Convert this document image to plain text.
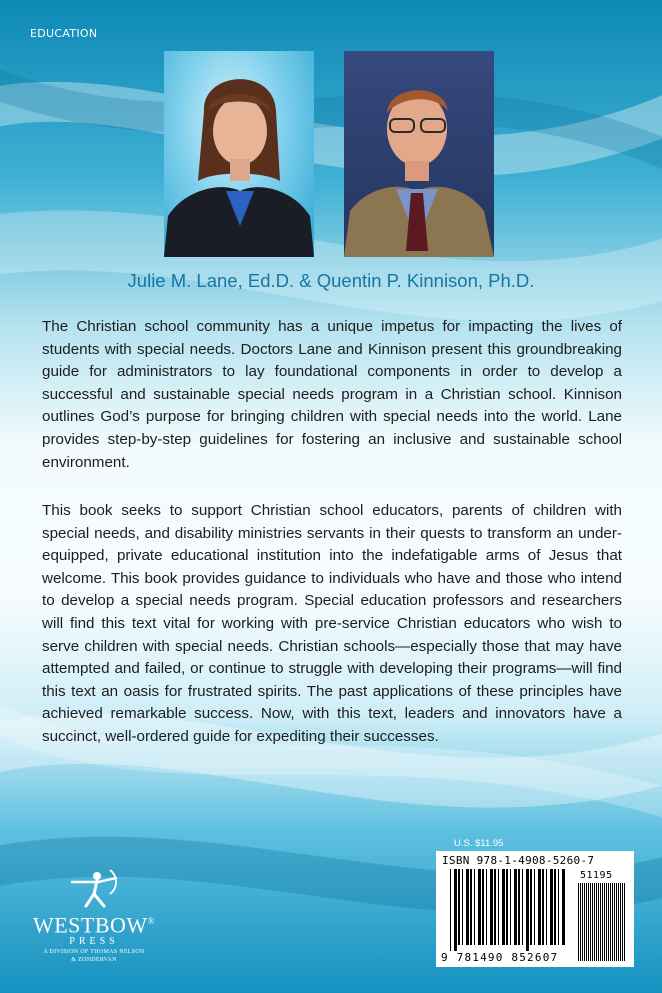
EDUCATION
Julie M. Lane, Ed.D. & Quentin P. Kinnison, Ph.D.

The Christian school community has a unique impetus for impacting the lives of students with special needs. Doctors Lane and Kinnison present this groundbreaking guide for administrators to lay foundational components in order to develop a successful and sustainable special needs program in a Christian school. Kinnison outlines God’s purpose for bringing children with special needs into the world. Lane provides step-by-step guidelines for fostering an inclusive and sustainable school environment.

This book seeks to support Christian school educators, parents of children with special needs, and disability ministries servants in their quests to transform an under-equipped, private educational institution into the indefatigable arms of Jesus that welcome. This book provides guidance to individuals who have and those who intend to develop a special needs program. Special education professors and researchers will find this text vital for working with pre-service Christian educators who wish to serve children with special needs. Christian schools—especially those that may have attempted and failed, or continue to struggle with developing their programs—will find this text an oasis for frustrated spirits. The past applications of these principles have achieved remarkable success. Now, with this text, leaders and innovators have a succinct, well-ordered guide for expediting their successes.

U.S. $11.95
ISBN 978-1-4908-5260-7
51195
9 781490 852607
WESTBOW®
PRESS
A DIVISION OF THOMAS NELSON
& ZONDERVAN
